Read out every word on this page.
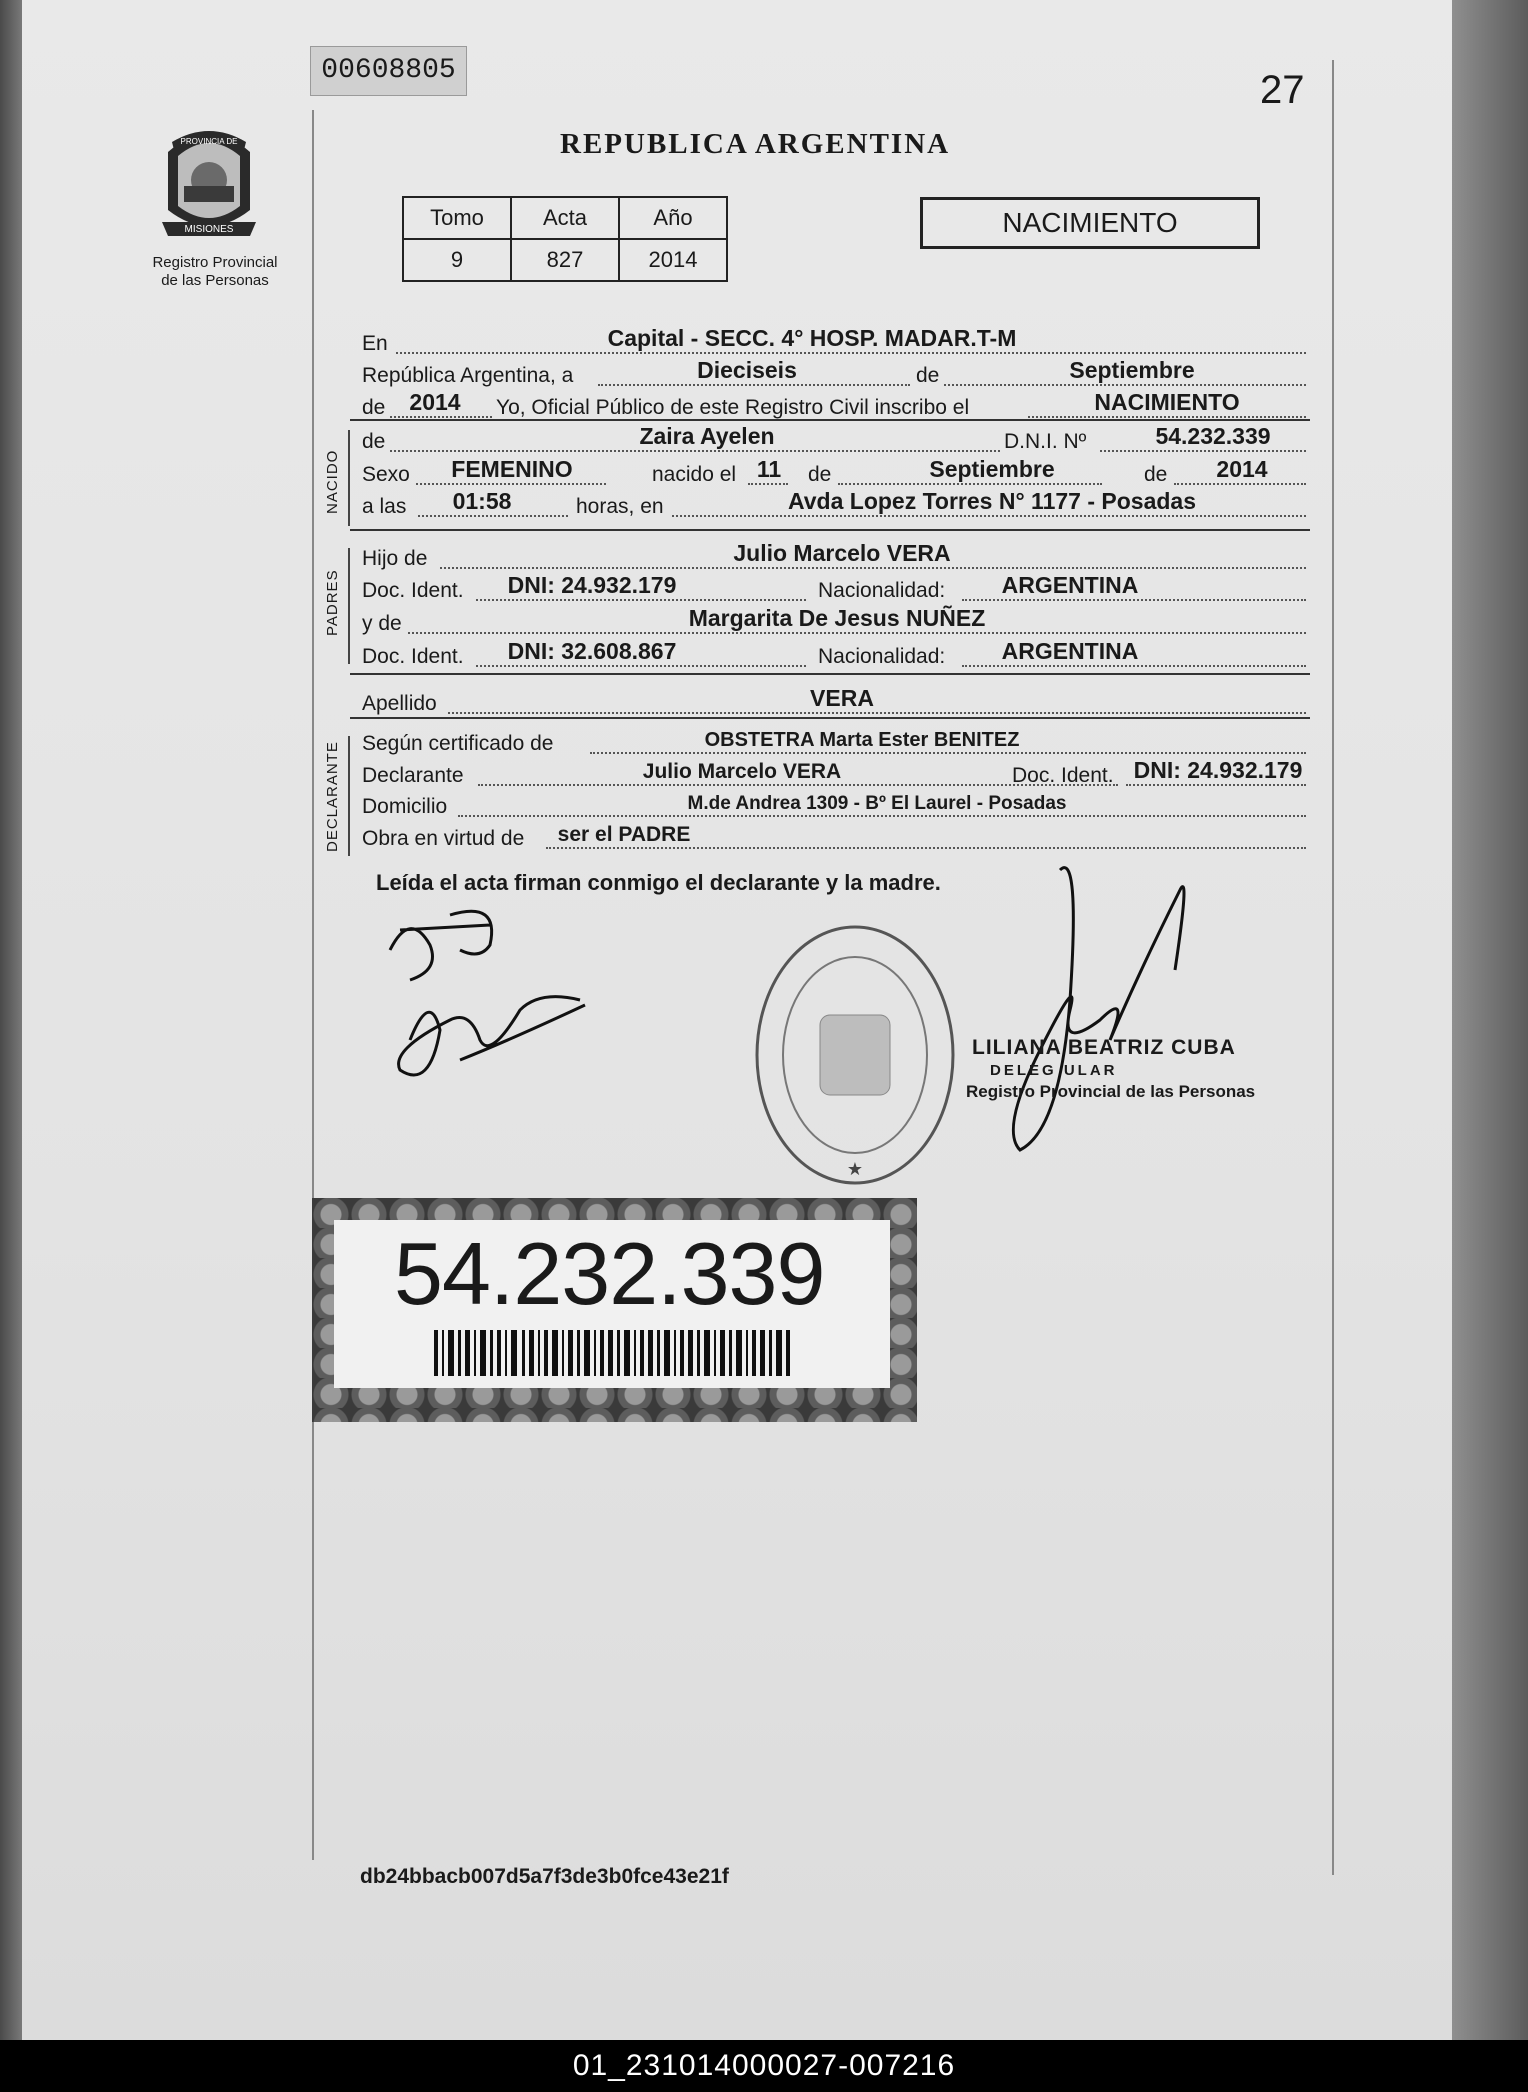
00608805	27
PROVINCIA DE
MISIONES
Registro Provincial
de las Personas
REPUBLICA ARGENTINA
Tomo	Acta	Año
9	827	2014
NACIMIENTO
En	Capital - SECC. 4° HOSP. MADAR.T-M
República Argentina, a	Dieciseis	de	Septiembre
de	2014	Yo, Oficial Público de este Registro Civil inscribo el	NACIMIENTO
NACIDO
de	Zaira Ayelen	D.N.I. Nº	54.232.339
Sexo	FEMENINO	nacido el 11 de	Septiembre	de	2014
a las	01:58	horas, en	Avda Lopez Torres N° 1177 - Posadas
PADRES
Hijo de	Julio Marcelo VERA
Doc. Ident.	DNI: 24.932.179	Nacionalidad:	ARGENTINA
y de	Margarita De Jesus NUÑEZ
Doc. Ident.	DNI: 32.608.867	Nacionalidad:	ARGENTINA
Apellido	VERA
DECLARANTE Según certificado de	OBSTETRA Marta Ester BENITEZ
Declarante	Julio Marcelo VERA	Doc. Ident. DNI: 24.932.179
Domicilio	M.de Andrea 1309 - Bº El Laurel - Posadas
Obra en virtud de ser el PADRE
Leída el acta firman conmigo el declarante y la madre.
★
LILIANA BEATRIZ CUBA
DELEG ULAR
Registro Provincial de las Personas
54.232.339
db24bbacb007d5a7f3de3b0fce43e21f
01_231014000027-007216
